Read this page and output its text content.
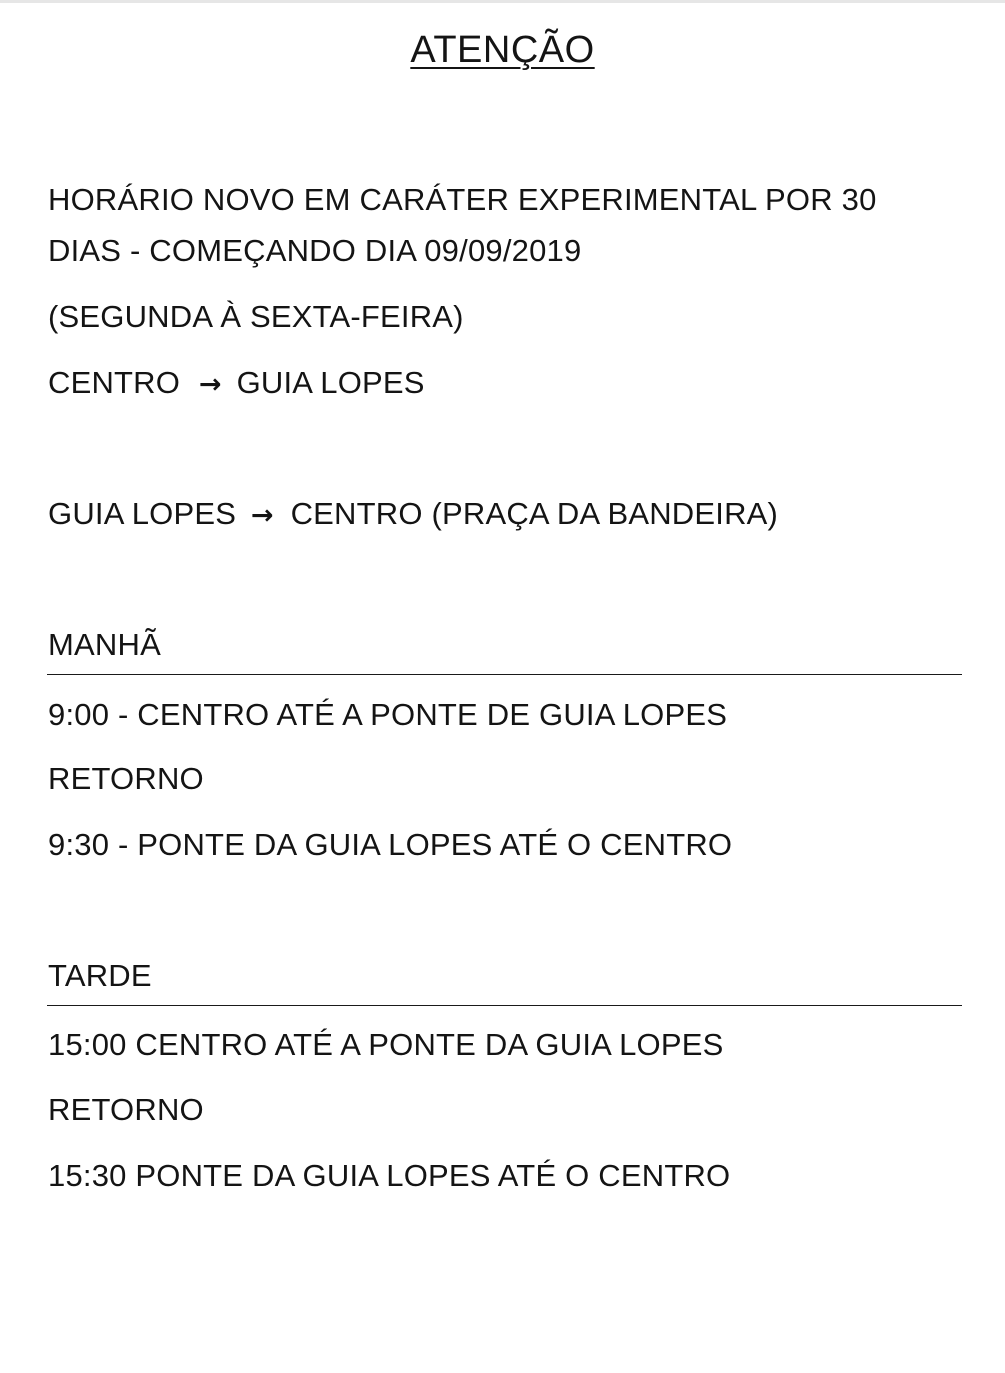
ATENÇÃO
HORÁRIO NOVO EM CARÁTER EXPERIMENTAL POR 30
DIAS - COMEÇANDO DIA 09/09/2019
(SEGUNDA À SEXTA-FEIRA)
CENTRO → GUIA LOPES
GUIA LOPES → CENTRO (PRAÇA DA BANDEIRA)
MANHÃ
9:00 - CENTRO ATÉ A PONTE DE GUIA LOPES
RETORNO
9:30 - PONTE DA GUIA LOPES ATÉ O CENTRO
TARDE
15:00 CENTRO ATÉ A PONTE DA GUIA LOPES
RETORNO
15:30 PONTE DA GUIA LOPES ATÉ O CENTRO
